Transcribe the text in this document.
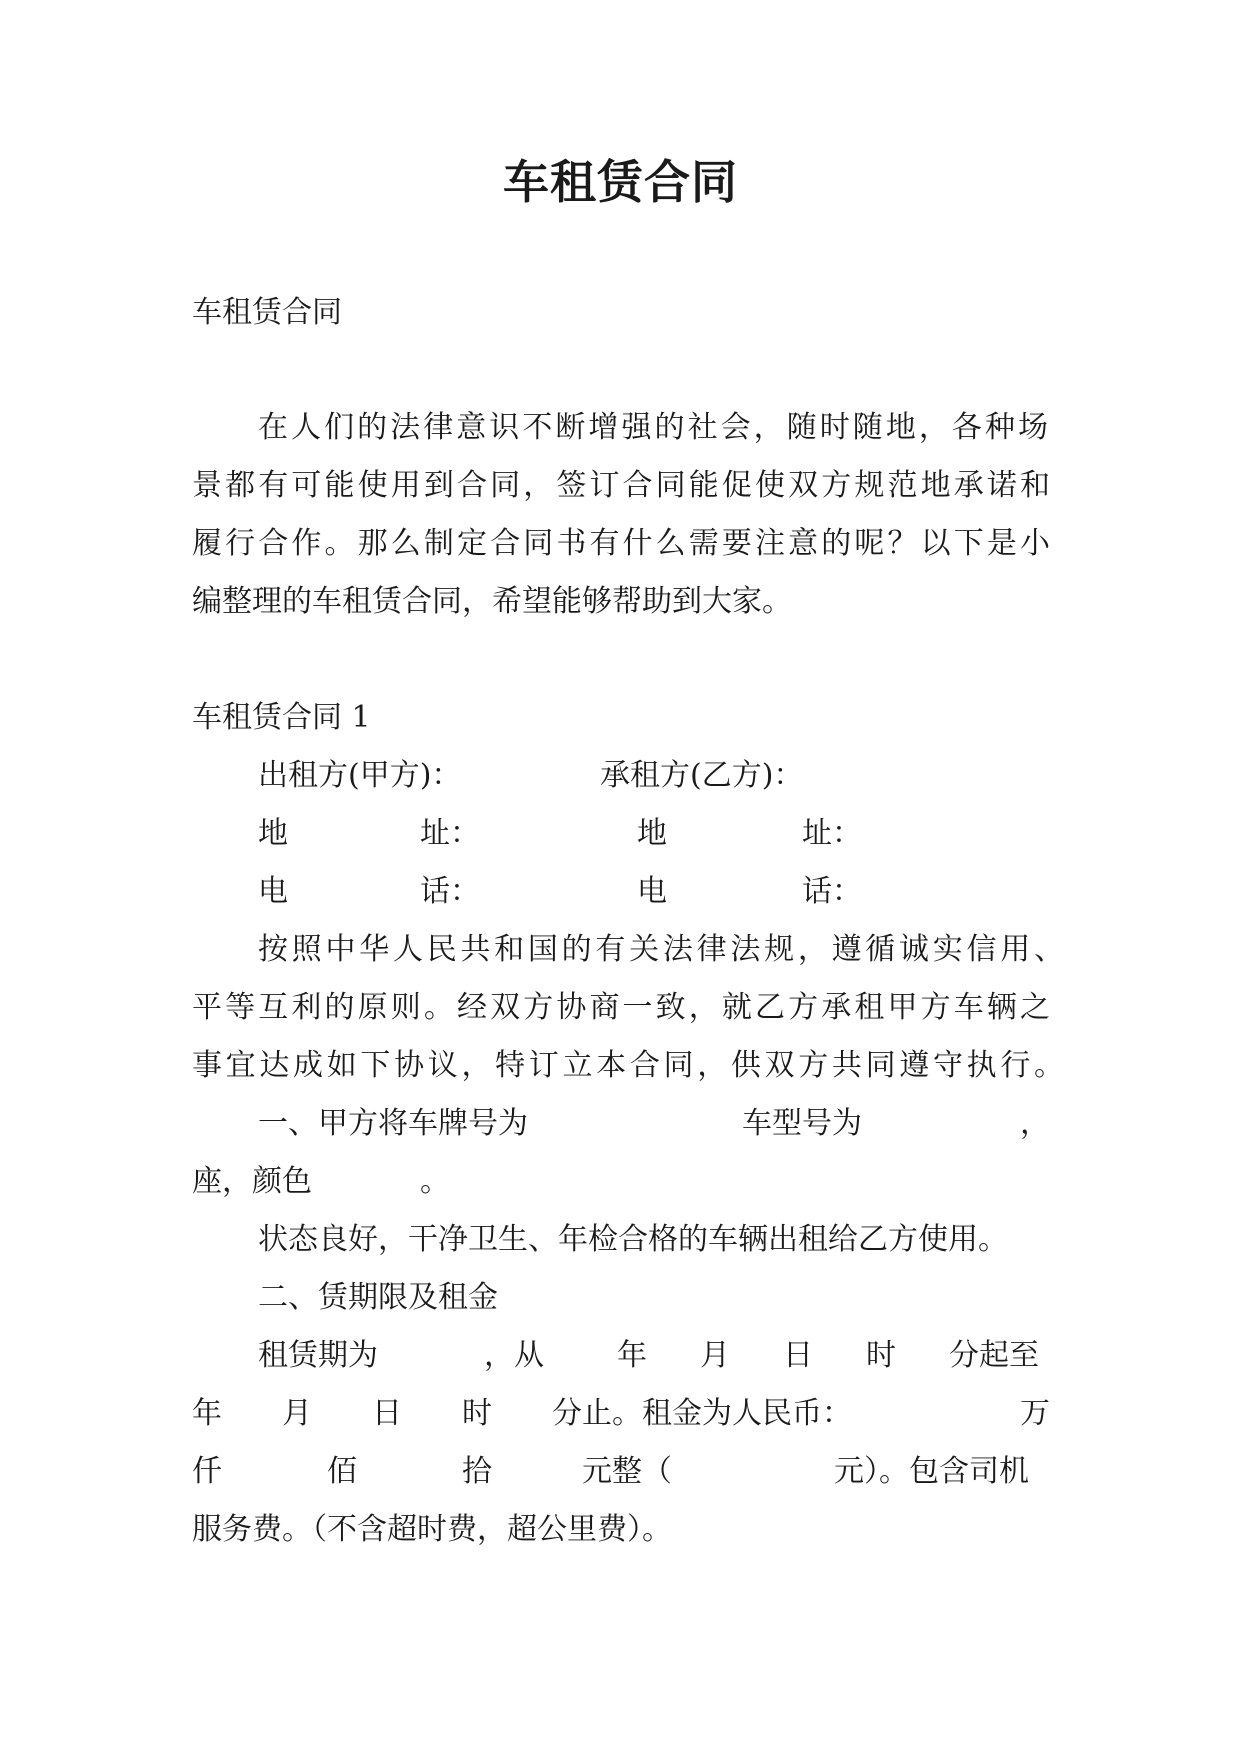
车租赁合同
车租赁合同
在人们的法律意识不断增强的社会，随时随地，各种场
景都有可能使用到合同，签订合同能促使双方规范地承诺和
履行合作。那么制定合同书有什么需要注意的呢？以下是小
编整理的车租赁合同，希望能够帮助到大家。
车租赁合同 1
出租方(甲方)：	承租方(乙方)：
地	址：	地	址：
电	话：	电	话：
按照中华人民共和国的有关法律法规，遵循诚实信用、
平等互利的原则。经双方协商一致，就乙方承租甲方车辆之
事宜达成如下协议，特订立本合同，供双方共同遵守执行。
一、甲方将车牌号为	车型号为	，
座，颜色	。
状态良好，干净卫生、年检合格的车辆出租给乙方使用。
二、赁期限及租金
租赁期为	，从 年 月 日 时 分起至
年 月 日 时 分止。租金为人民币：	万
仟	佰	拾	元整（	元）。包含司机
服务费。（不含超时费，超公里费）。
